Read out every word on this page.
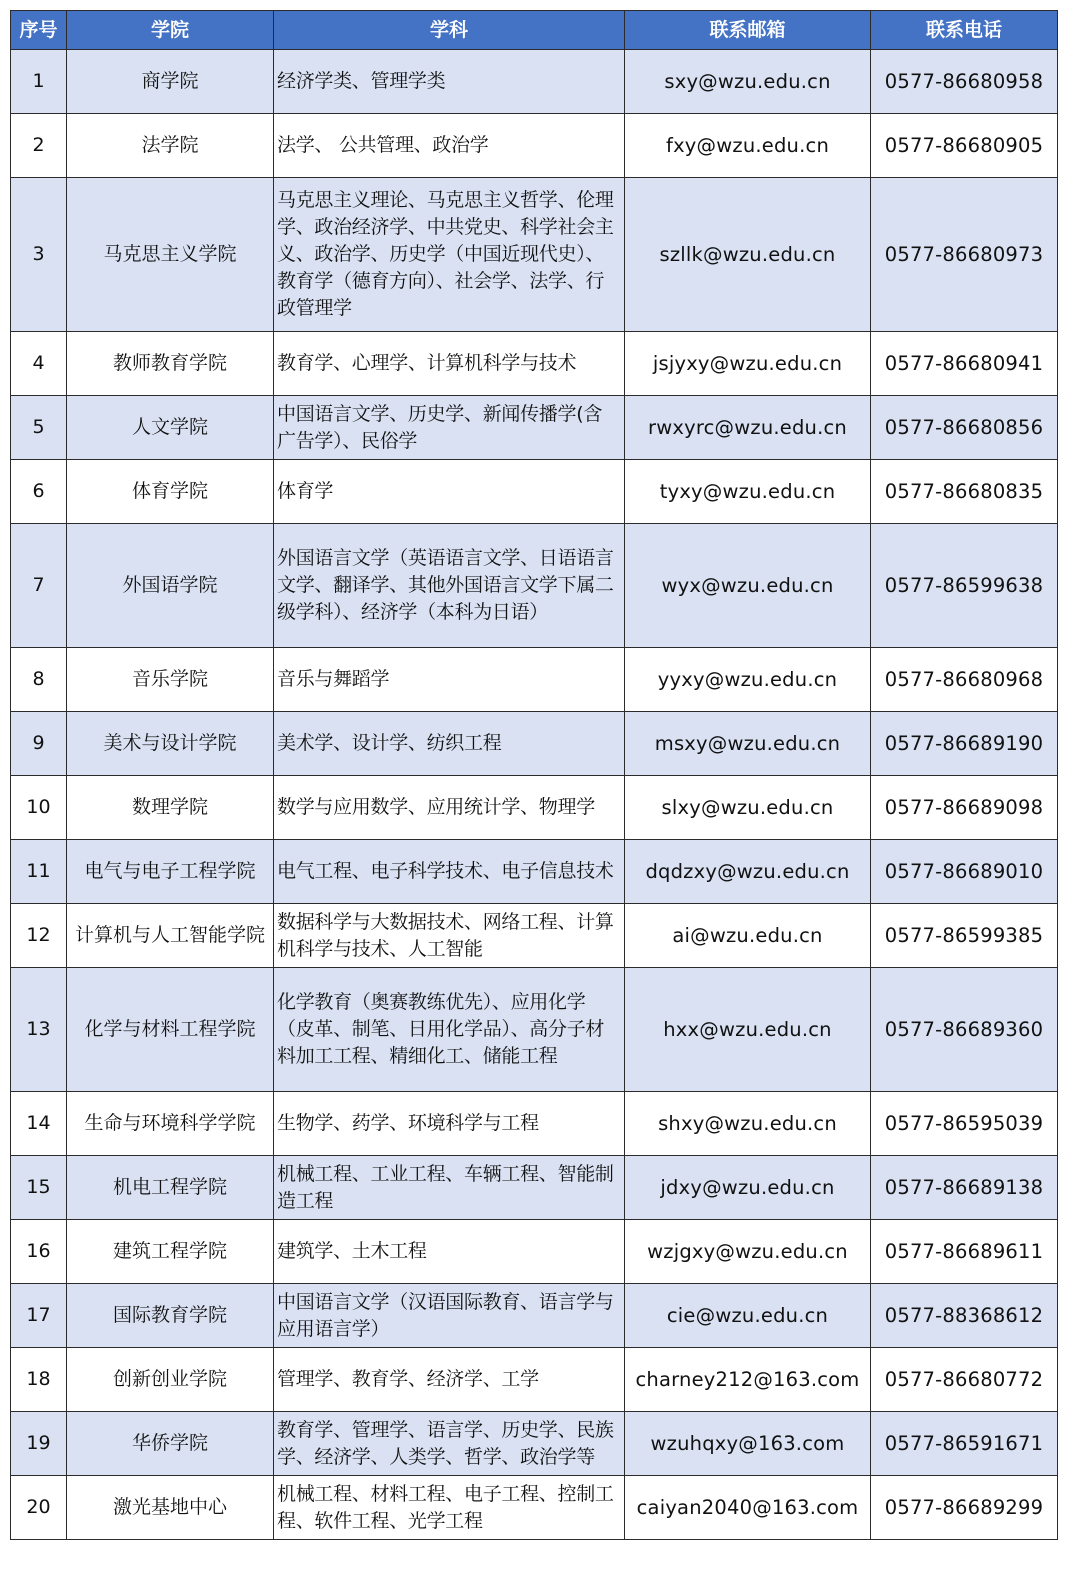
序号	学院	学科	联系邮箱	联系电话
1	商学院	经济学类、管理学类	sxy@wzu.edu.cn	0577-86680958
2	法学院	法学、 公共管理、政治学	fxy@wzu.edu.cn	0577-86680905
3	马克思主义学院	马克思主义理论、马克思主义哲学、伦理学、政治经济学、中共党史、科学社会主义、政治学、历史学（中国近现代史）、教育学（德育方向）、社会学、法学、行政管理学	szllk@wzu.edu.cn	0577-86680973
4	教师教育学院	教育学、心理学、计算机科学与技术	jsjyxy@wzu.edu.cn	0577-86680941
5	人文学院	中国语言文学、历史学、新闻传播学(含广告学）、民俗学	rwxyrc@wzu.edu.cn	0577-86680856
6	体育学院	体育学	tyxy@wzu.edu.cn	0577-86680835
7	外国语学院	外国语言文学（英语语言文学、日语语言文学、翻译学、其他外国语言文学下属二级学科）、经济学（本科为日语）	wyx@wzu.edu.cn	0577-86599638
8	音乐学院	音乐与舞蹈学	yyxy@wzu.edu.cn	0577-86680968
9	美术与设计学院	美术学、设计学、纺织工程	msxy@wzu.edu.cn	0577-86689190
10	数理学院	数学与应用数学、应用统计学、物理学	slxy@wzu.edu.cn	0577-86689098
11	电气与电子工程学院	电气工程、电子科学技术、电子信息技术	dqdzxy@wzu.edu.cn	0577-86689010
12	计算机与人工智能学院	数据科学与大数据技术、网络工程、计算机科学与技术、人工智能	ai@wzu.edu.cn	0577-86599385
13	化学与材料工程学院	化学教育（奥赛教练优先）、应用化学（皮革、制笔、日用化学品）、高分子材料加工工程、精细化工、储能工程	hxx@wzu.edu.cn	0577-86689360
14	生命与环境科学学院	生物学、药学、环境科学与工程	shxy@wzu.edu.cn	0577-86595039
15	机电工程学院	机械工程、工业工程、车辆工程、智能制造工程	jdxy@wzu.edu.cn	0577-86689138
16	建筑工程学院	建筑学、土木工程	wzjgxy@wzu.edu.cn	0577-86689611
17	国际教育学院	中国语言文学（汉语国际教育、语言学与应用语言学）	cie@wzu.edu.cn	0577-88368612
18	创新创业学院	管理学、教育学、经济学、工学	charney212@163.com	0577-86680772
19	华侨学院	教育学、管理学、语言学、历史学、民族学、经济学、人类学、哲学、政治学等	wzuhqxy@163.com	0577-86591671
20	激光基地中心	机械工程、材料工程、电子工程、控制工程、软件工程、光学工程	caiyan2040@163.com	0577-86689299
